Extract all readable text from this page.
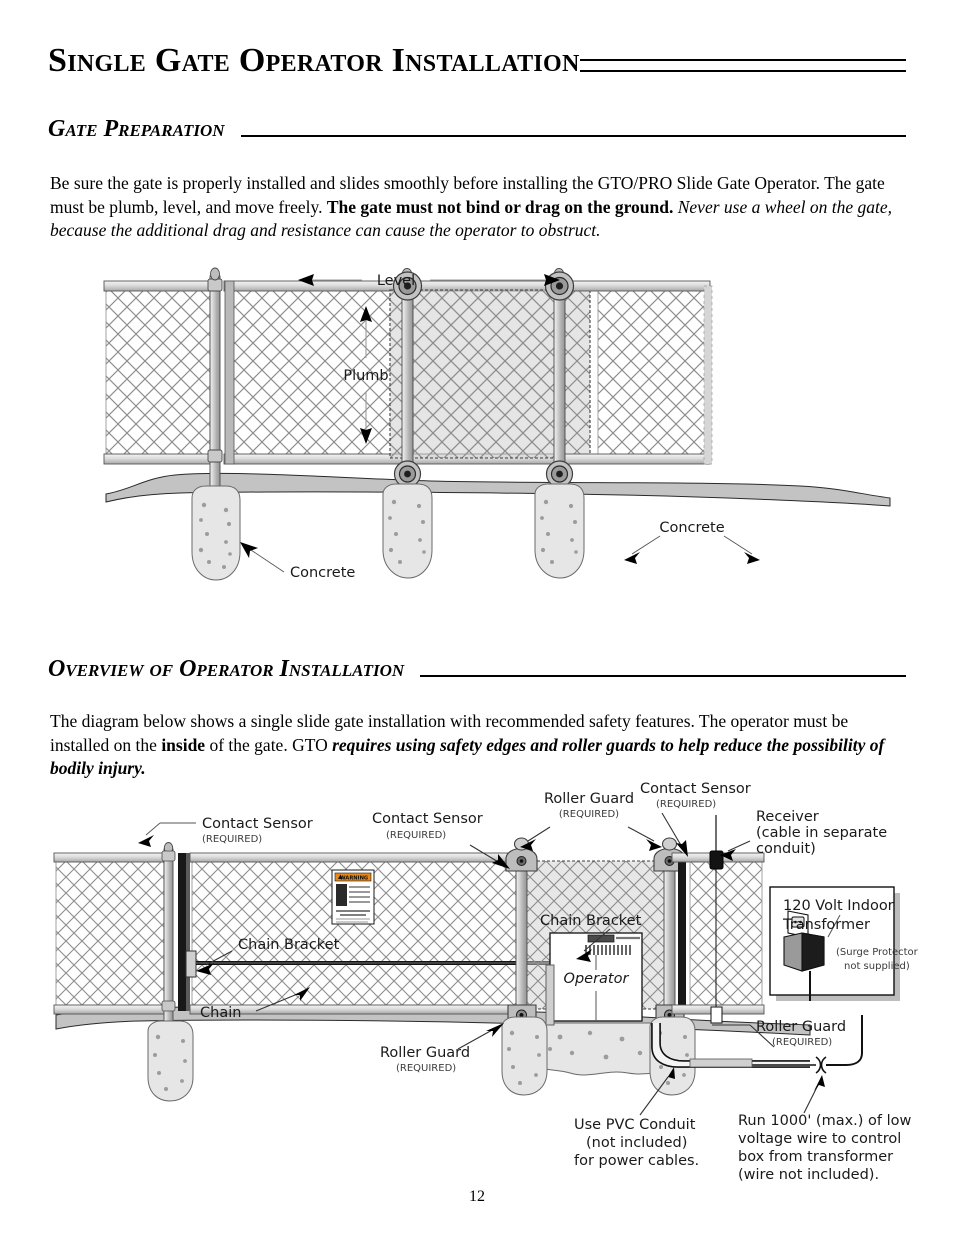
Single Gate Operator Installation
Gate Preparation
Be sure the gate is properly installed and slides smoothly before installing the GTO/PRO Slide Gate Operator. The gate must be plumb, level, and move freely. The gate must not bind or drag on the ground. Never use a wheel on the gate, because the additional drag and resistance can cause the operator to obstruct.
Level
Plumb
Concrete
Concrete
Overview of Operator Installation
The diagram below shows a single slide gate installation with recommended safety features. The operator must be installed on the inside of the gate. GTO requires using safety edges and roller guards to help reduce the possibility of bodily injury.
WARNING
Operator
120 Volt Indoor
Transformer
(Surge Protector
not supplied)
Contact Sensor
(REQUIRED)
Contact Sensor
(REQUIRED)
Contact Sensor
(REQUIRED)
Roller Guard
(REQUIRED)	Receiver
(cable in separate
conduit)
Chain Bracket
Chain Bracket
Chain
Roller Guard
(REQUIRED)
Roller Guard
(REQUIRED)
Use PVC Conduit
(not included)
for power cables.
Run 1000' (max.) of low
voltage wire to control
box from transformer
(wire not included).
12
